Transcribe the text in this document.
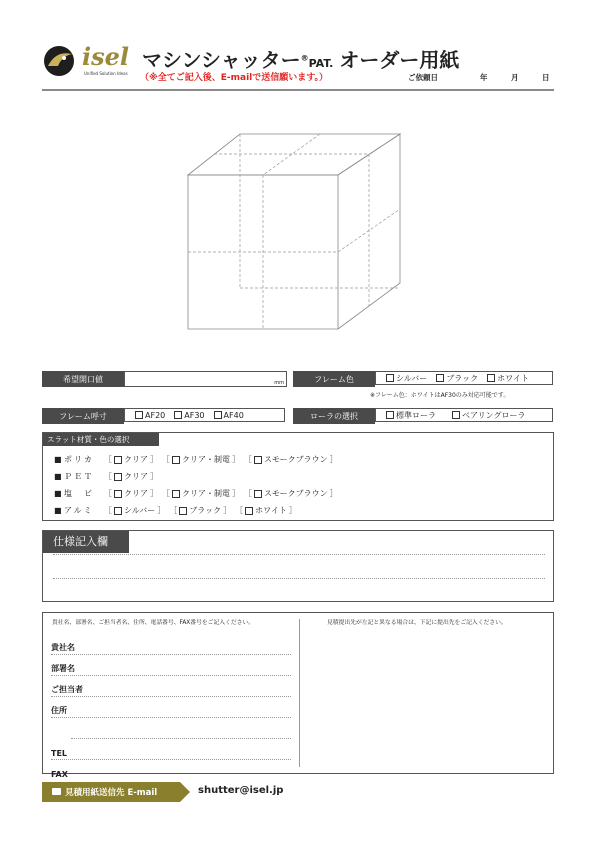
isel
Unified Solution Ideas
マシンシャッター®PAT. オーダー用紙
（※全てご記入後、E-mailで送信願います。）	ご依頼日	年	月	日
希望開口値	mm	フレーム色	シルバー ブラック ホワイト
※フレーム色：ホワイトはAF30のみ対応可能です。
フレーム呼寸	AF20 AF30 AF40	ローラの選択	標準ローラ	ベアリングローラ
スラット材質・色の選択
■ ポリカ	［ クリア ］ ［ クリア・制電 ］ ［ スモークブラウン ］
■ ＰＥＴ	［ クリア ］
■ 塩　ビ	［ クリア ］ ［ クリア・制電 ］ ［ スモークブラウン ］
■ アルミ	［ シルバー ］ ［ ブラック ］ ［ ホワイト ］
仕様記入欄
貴社名、部署名、ご担当者名、住所、電話番号、FAX番号をご記入ください。	見積提出先が左記と異なる場合は、下記に提出先をご記入ください。
貴社名
部署名
ご担当者
住所
TEL
FAX
見積用紙送信先 E-mail	shutter@isel.jp
